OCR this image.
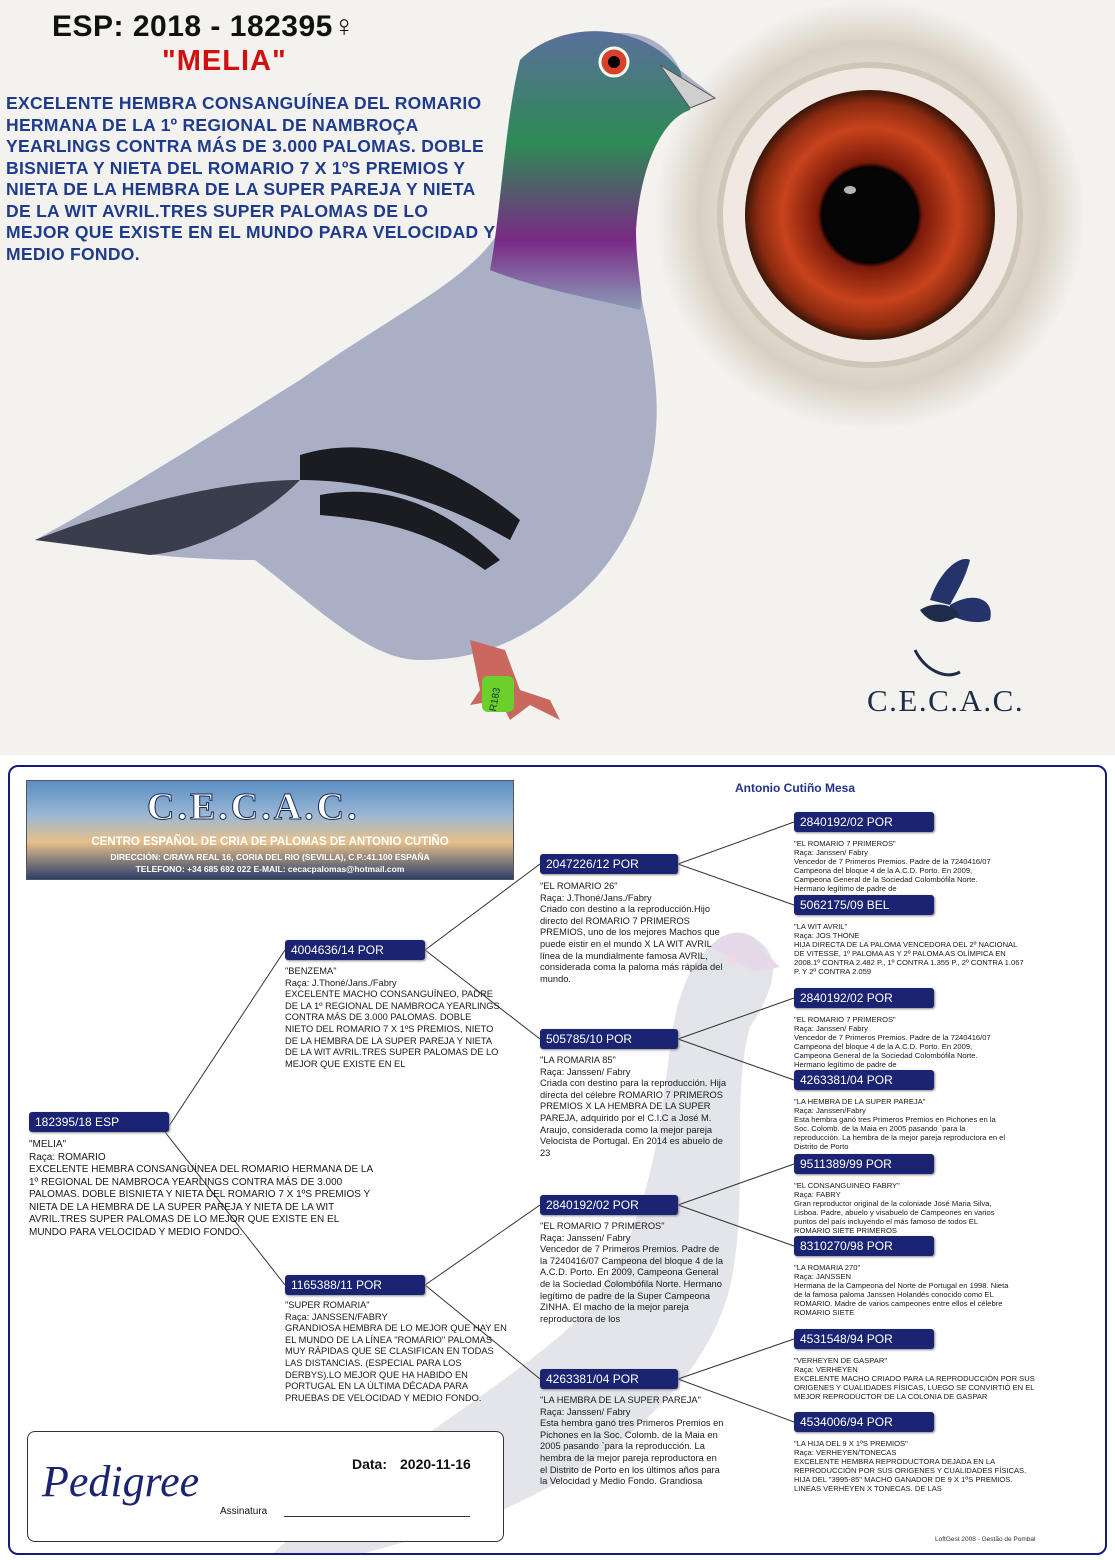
R183
ESP: 2018 - 182395♀
"MELIA"
EXCELENTE HEMBRA CONSANGUÍNEA DEL ROMARIO HERMANA DE LA 1º REGIONAL DE NAMBROÇA YEARLINGS CONTRA MÁS DE 3.000 PALOMAS. DOBLE BISNIETA Y NIETA DEL ROMARIO 7 X 1ºS PREMIOS Y NIETA DE LA HEMBRA DE LA SUPER PAREJA Y NIETA DE LA WIT AVRIL.TRES SUPER PALOMAS DE LO MEJOR QUE EXISTE EN EL MUNDO PARA VELOCIDAD Y MEDIO FONDO.
C.E.C.A.C.
Antonio Cutiño Mesa
C.E.C.A.C.
CENTRO ESPAÑOL DE CRIA DE PALOMAS DE ANTONIO CUTIÑO
DIRECCIÓN: C/RAYA REAL 16, CORIA DEL RIO (SEVILLA), C.P.:41.100 ESPAÑA
TELEFONO: +34 685 692 022 E-MAIL: cecacpalomas@hotmail.com
182395/18 ESP
"MELIA"
Raça: ROMARIO
EXCELENTE HEMBRA CONSANGUÍNEA DEL ROMARIO HERMANA DE LA 1º REGIONAL DE NAMBROCA YEARLINGS CONTRA MÁS DE 3.000 PALOMAS. DOBLE BISNIETA Y NIETA DEL ROMARIO 7 X 1ºS PREMIOS Y NIETA DE LA HEMBRA DE LA SUPER PAREJA Y NIETA DE LA WIT AVRIL.TRES SUPER PALOMAS DE LO MEJOR QUE EXISTE EN EL MUNDO PARA VELOCIDAD Y MEDIO FONDO.
4004636/14 POR
"BENZEMA"
Raça: J.Thoné/Jans./Fabry
EXCELENTE MACHO CONSANGUÍNEO, PADRE DE LA 1º REGIONAL DE NAMBROCA YEARLINGS CONTRA MÁS DE 3.000 PALOMAS. DOBLE NIETO DEL ROMARIO 7 X 1ºS PREMIOS, NIETO DE LA HEMBRA DE LA SUPER PAREJA Y NIETA DE LA WIT AVRIL.TRES SUPER PALOMAS DE LO MEJOR QUE EXISTE EN EL
1165388/11 POR
"SUPER ROMARIA"
Raça: JANSSEN/FABRY
GRANDIOSA HEMBRA DE LO MEJOR QUE HAY EN EL MUNDO DE LA LÍNEA "ROMARIO" PALOMAS MUY RÁPIDAS QUE SE CLASIFICAN EN TODAS LAS DISTANCIAS. (ESPECIAL PARA LOS DERBYS).LO MEJOR QUE HA HABIDO EN PORTUGAL EN LA ÚLTIMA DÉCADA PARA PRUEBAS DE VELOCIDAD Y MEDIO FONDO.
2047226/12 POR
"EL ROMARIO 26"
Raça: J.Thoné/Jans./Fabry
Criado con destino a la reproducción.Hijo directo del ROMARIO 7 PRIMEROS PREMIOS, uno de los mejores Machos que puede eistir en el mundo X LA WIT AVRIL línea de la mundialmente famosa AVRIL, considerada coma la paloma más rápida del mundo.
505785/10 POR
"LA ROMARIA 85"
Raça: Janssen/ Fabry
Criada con destino para la reproducción. Hija directa del célebre ROMARIO 7 PRIMEROS PREMIOS X LA HEMBRA DE LA SUPER PAREJA, adquirido por el C.I.C a José M. Araujo, considerada como la mejor pareja Velocista de Portugal. En 2014 es abuelo de 23
2840192/02 POR
"EL ROMARIO 7 PRIMEROS"
Raça: Janssen/ Fabry
Vencedor de 7 Primeros Premios. Padre de la 7240416/07 Campeona del bloque 4 de la A.C.D. Porto. En 2009, Campeona General de la Sociedad Colombófila Norte. Hermano legítimo de padre de la Super Campeona ZINHA. El macho de la mejor pareja reproductora de los
4263381/04 POR
"LA HEMBRA DE LA SUPER PAREJA"
Raça: Janssen/ Fabry
Esta hembra ganó tres Primeros Premios en Pichones en la Soc. Colomb. de la Maia en 2005 pasando `para la reproducción. La hembra de la mejor pareja reproductora en el Distrito de Porto en los últimos años para la Velocidad y Medio Fondo. Grandiosa
2840192/02 POR
"EL ROMARIO 7 PRIMEROS"
Raça: Janssen/ Fabry
Vencedor de 7 Primeros Premios. Padre de la 7240416/07 Campeona del bloque 4 de la A.C.D. Porto. En 2009, Campeona General de la Sociedad Colombófila Norte. Hermano legítimo de padre de
5062175/09 BEL
"LA WIT AVRIL"
Raça: JOS THONE
HIJA DIRECTA DE LA PALOMA VENCEDORA DEL 2º NACIONAL DE VITESSE, 1º PALOMA AS Y 2º PALOMA AS OLÍMPICA EN 2008.1º CONTRA 2.482 P., 1º CONTRA 1.355 P., 2º CONTRA 1.067 P. Y 2º CONTRA 2.059
2840192/02 POR
"EL ROMARIO 7 PRIMEROS"
Raça: Janssen/ Fabry
Vencedor de 7 Primeros Premios. Padre de la 7240416/07 Campeona del bloque 4 de la A.C.D. Porto. En 2009, Campeona General de la Sociedad Colombófila Norte. Hermano legítimo de padre de
4263381/04 POR
"LA HEMBRA DE LA SUPER PAREJA"
Raça: Janssen/Fabry
Esta hembra ganó tres Primeros Premios en Pichones en la Soc. Colomb. de la Maia en 2005 pasando `para la reproducción. La hembra de la mejor pareja reproductora en el Distrito de Porto
9511389/99 POR
"EL CONSANGUINEO FABRY"
Raça: FABRY
Gran reproductor original de la coloniade José Maria Silva, Lisboa. Padre, abuelo y visabuelo de Campeones en varios puntos del país incluyendo el más famoso de todos EL ROMARIO SIETE PRIMEROS
8310270/98 POR
"LA ROMARIA 270"
Raça: JANSSEN
Hermana de la Campeona del Norte de Portugal en 1998. Nieta de la famosa paloma Janssen Holandés conocido como EL ROMARIO. Madre de varios campeones entre ellos el célebre ROMARIO SIETE
4531548/94 POR
"VERHEYEN DE GASPAR"
Raça: VERHEYEN
EXCELENTE MACHO CRIADO PARA LA REPRODUCCIÓN POR SUS ORIGENES Y CUALIDADES FÍSICAS, LUEGO SE CONVIRTIÓ EN EL MEJOR REPRODUCTOR DE LA COLONIA DE GASPAR
4534006/94 POR
"LA HIJA DEL 9 X 1ºS PREMIOS"
Raça: VERHEYEN/TONECAS
EXCELENTE HEMBRA REPRODUCTORA DEJADA EN LA REPRODUCCIÓN POR SUS ORIGENES Y CUALIDADES FÍSICAS. HIJA DEL "3995-85" MACHO GANADOR DE 9 X 1ºS PREMIOS. LINEAS VERHEYEN X TONECAS. DE LAS
Pedigree	Data: 2020-11-16
Assinatura
LoftGest 2008 - Gestão de Pombal
